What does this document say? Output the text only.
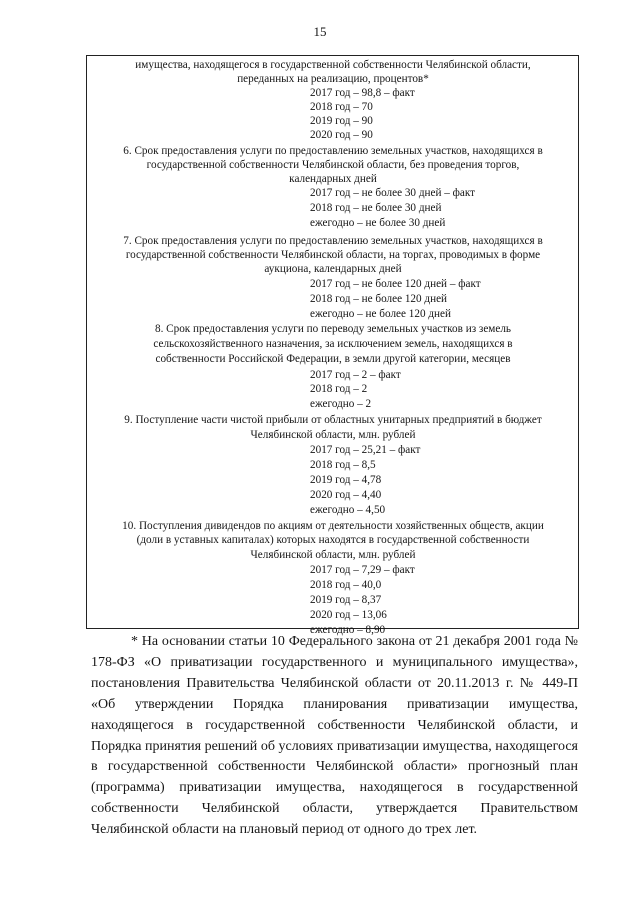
15
имущества, находящегося в государственной собственности Челябинской области,
переданных на реализацию, процентов*
2017 год – 98,8 – факт
2018 год – 70
2019 год – 90
2020 год – 90
6. Срок предоставления услуги по предоставлению земельных участков, находящихся в
государственной собственности Челябинской области, без проведения торгов,
календарных дней
2017 год – не более 30 дней – факт
2018 год – не более 30 дней
ежегодно – не более 30 дней
7. Срок предоставления услуги по предоставлению земельных участков, находящихся в
государственной собственности Челябинской области, на торгах, проводимых в форме
аукциона, календарных дней
2017 год – не более 120 дней – факт
2018 год – не более 120 дней
ежегодно – не более 120 дней
8. Срок предоставления услуги по переводу земельных участков из земель
сельскохозяйственного назначения, за исключением земель, находящихся в
собственности Российской Федерации, в земли другой категории, месяцев
2017 год – 2 – факт
2018 год – 2
ежегодно – 2
9. Поступление части чистой прибыли от областных унитарных предприятий в бюджет
Челябинской области, млн. рублей
2017 год – 25,21 – факт
2018 год – 8,5
2019 год – 4,78
2020 год – 4,40
ежегодно – 4,50
10. Поступления дивидендов по акциям от деятельности хозяйственных обществ, акции
(доли в уставных капиталах) которых находятся в государственной собственности
Челябинской области, млн. рублей
2017 год – 7,29 – факт
2018 год – 40,0
2019 год – 8,37
2020 год – 13,06
ежегодно – 8,90

* На основании статьи 10 Федерального закона от 21 декабря 2001 года № 178-ФЗ «О приватизации государственного и муниципального имущества», постановления Правительства Челябинской области от 20.11.2013 г. № 449-П «Об утверждении Порядка планирования приватизации имущества, находящегося в государственной собственности Челябинской области, и Порядка принятия решений об условиях приватизации имущества, находящегося в государственной собственности Челябинской области» прогнозный план (программа) приватизации имущества, находящегося в государственной собственности Челябинской области, утверждается Правительством Челябинской области на плановый период от одного до трех лет.
